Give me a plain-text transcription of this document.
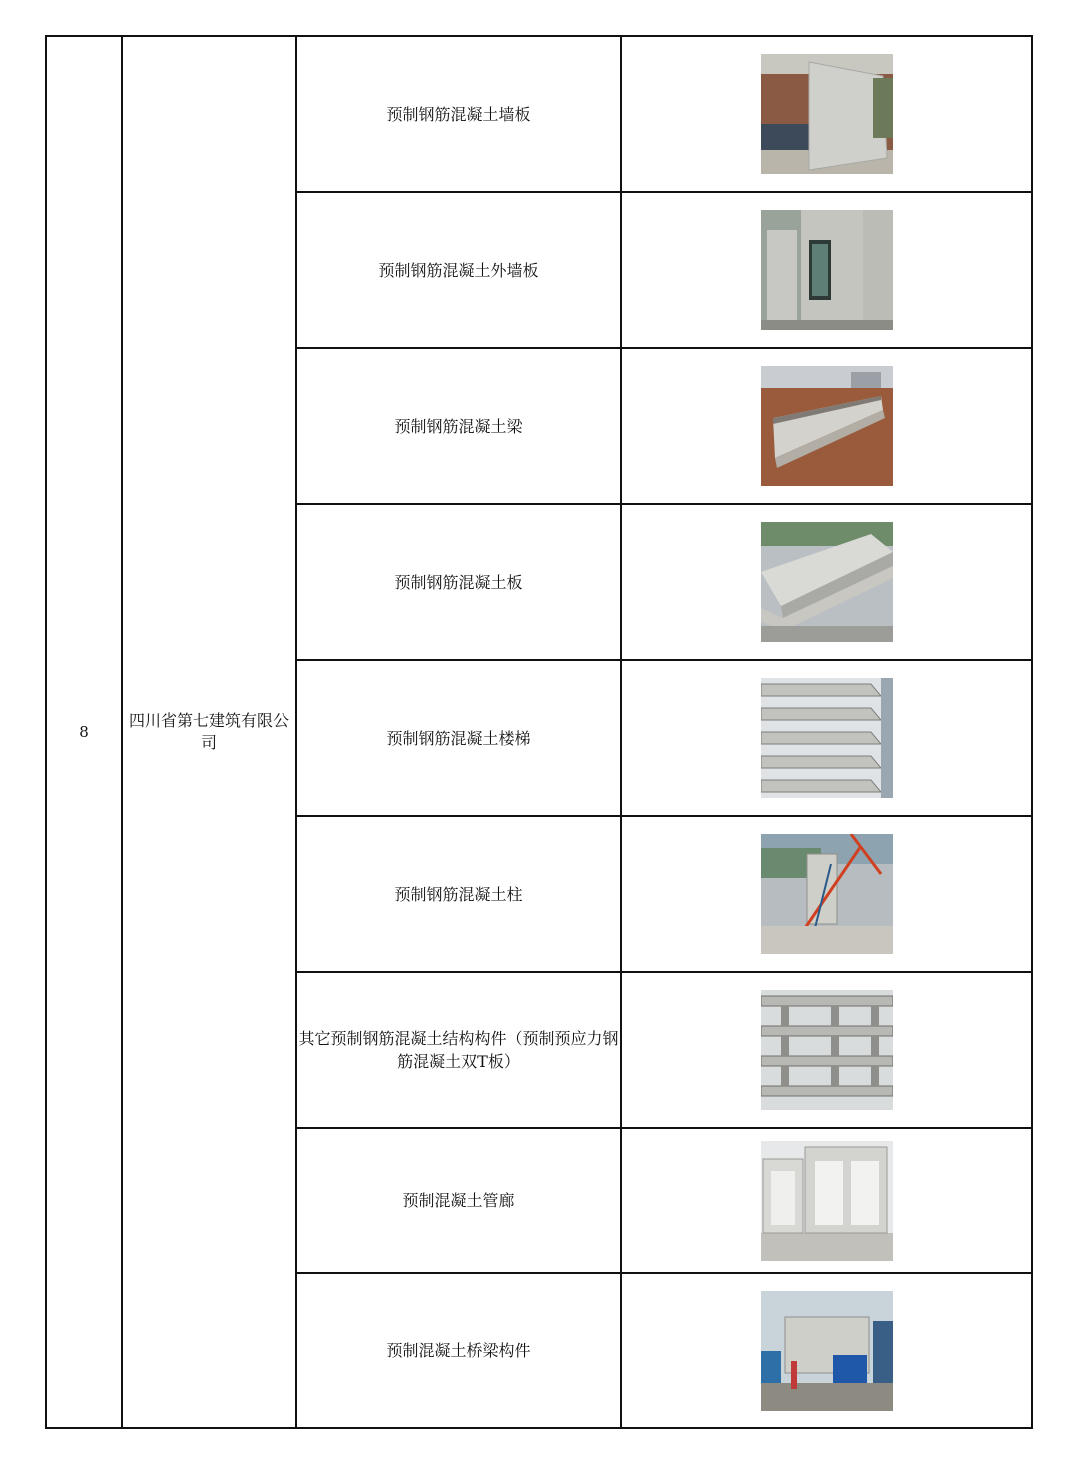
8	四川省第七建筑有限公司	预制钢筋混凝土墙板	

		预制钢筋混凝土外墙板	

		预制钢筋混凝土梁	

		预制钢筋混凝土板	

		预制钢筋混凝土楼梯	

		预制钢筋混凝土柱	

		其它预制钢筋混凝土结构构件（预制预应力钢筋混凝土双T板）	

		预制混凝土管廊	

		预制混凝土桥梁构件	
